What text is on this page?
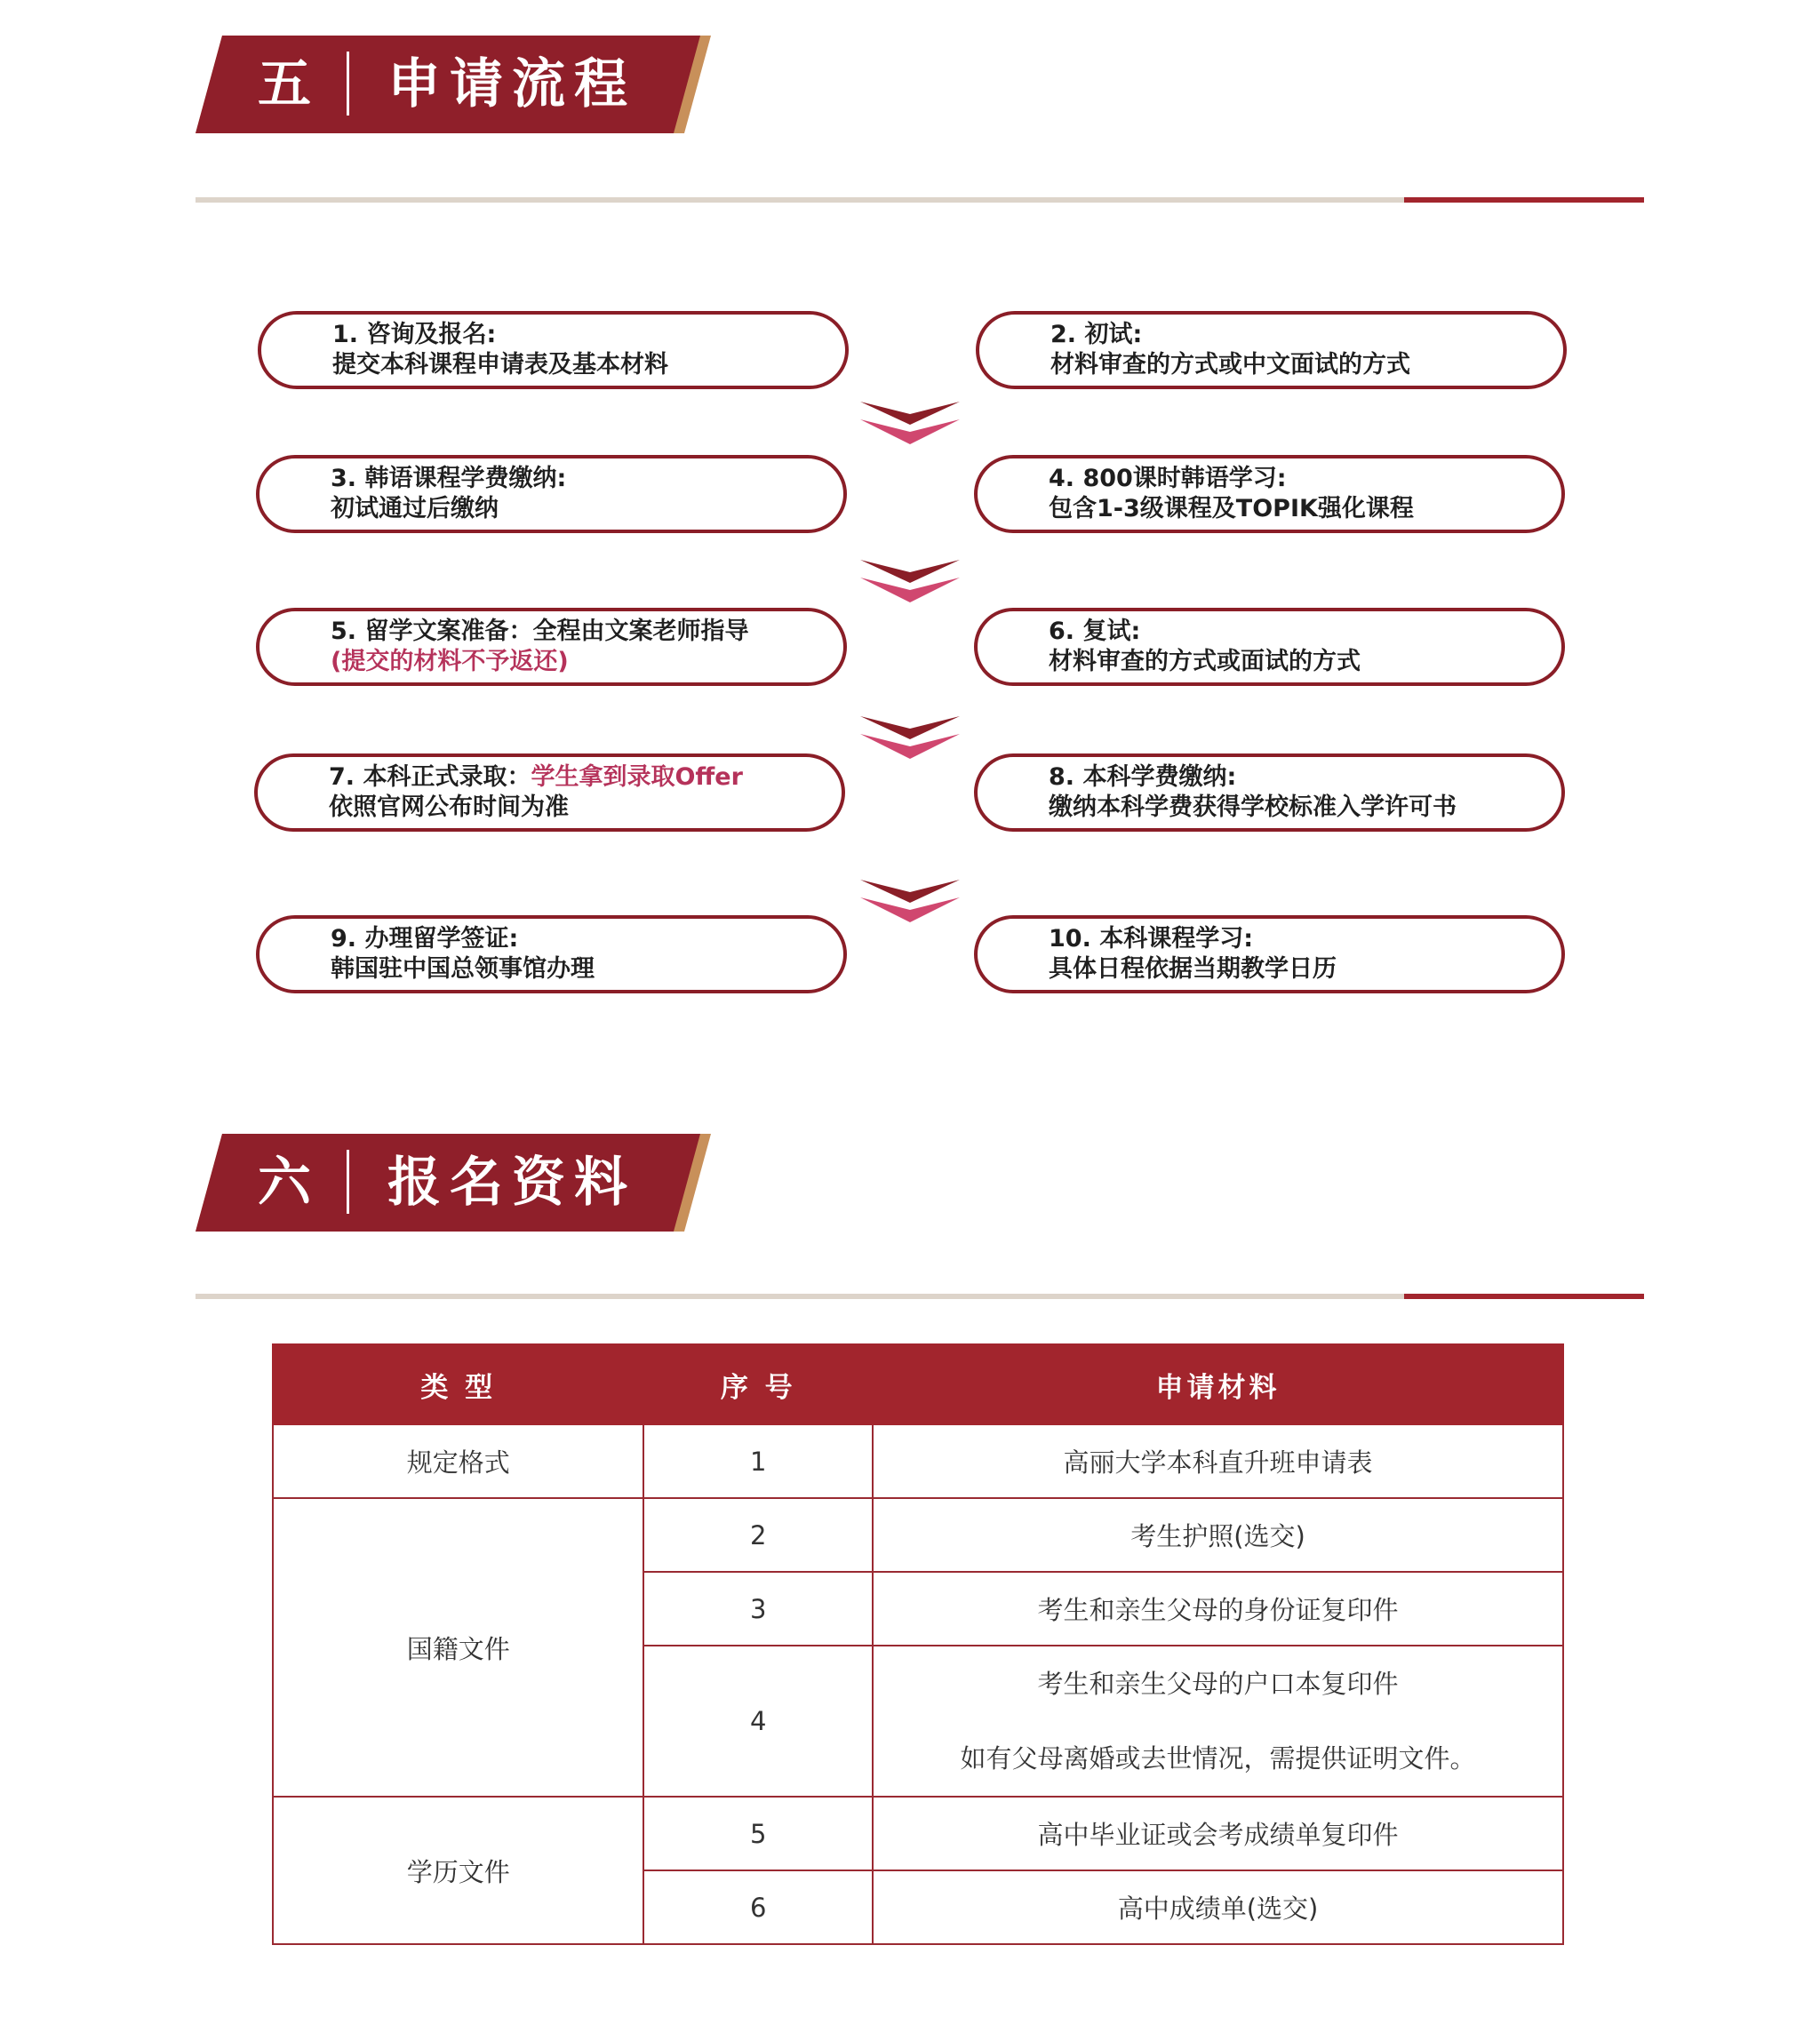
五 申请流程
1. 咨询及报名:
提交本科课程申请表及基本材料
2. 初试:
材料审查的方式或中文面试的方式
3. 韩语课程学费缴纳:
初试通过后缴纳
4. 800课时韩语学习:
包含1-3级课程及TOPIK强化课程
5. 留学文案准备：全程由文案老师指导
(提交的材料不予返还)
6. 复试:
材料审查的方式或面试的方式
7. 本科正式录取：学生拿到录取Offer
依照官网公布时间为准
8. 本科学费缴纳:
缴纳本科学费获得学校标准入学许可书
9. 办理留学签证:
韩国驻中国总领事馆办理
10. 本科课程学习:
具体日程依据当期教学日历
六 报名资料
类 型	序 号	申请材料
规定格式	1	高丽大学本科直升班申请表
国籍文件	2	考生护照(选交)
	3	考生和亲生父母的身份证复印件
	4	考生和亲生父母的户口本复印件
如有父母离婚或去世情况，需提供证明文件。

学历文件	5	高中毕业证或会考成绩单复印件
	6	高中成绩单(选交)
